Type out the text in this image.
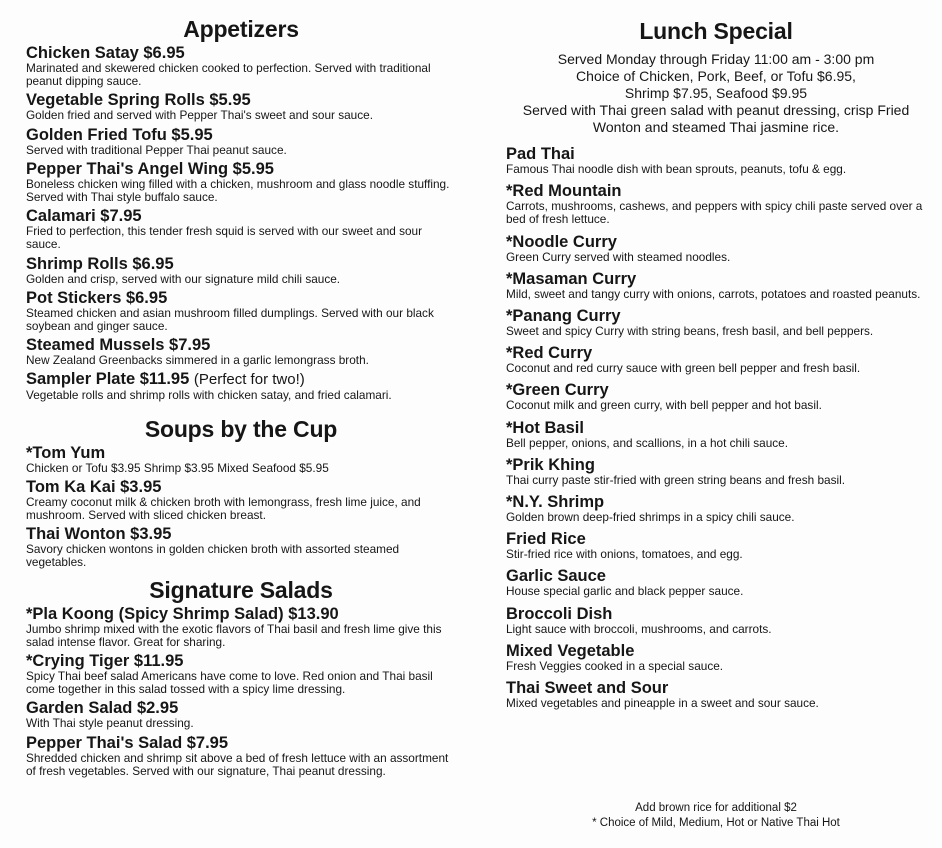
Appetizers
Chicken Satay $6.95
Marinated and skewered chicken cooked to perfection. Served with traditional peanut dipping sauce.
Vegetable Spring Rolls $5.95
Golden fried and served with Pepper Thai's sweet and sour sauce.
Golden Fried Tofu $5.95
Served with traditional Pepper Thai peanut sauce.
Pepper Thai's Angel Wing $5.95
Boneless chicken wing filled with a chicken, mushroom and glass noodle stuffing. Served with Thai style buffalo sauce.
Calamari $7.95
Fried to perfection, this tender fresh squid is served with our sweet and sour sauce.
Shrimp Rolls $6.95
Golden and crisp, served with our signature mild chili sauce.
Pot Stickers $6.95
Steamed chicken and asian mushroom filled dumplings. Served with our black soybean and ginger sauce.
Steamed Mussels $7.95
New Zealand Greenbacks simmered in a garlic lemongrass broth.
Sampler Plate $11.95 (Perfect for two!)
Vegetable rolls and shrimp rolls with chicken satay, and fried calamari.
Soups by the Cup
*Tom Yum
Chicken or Tofu $3.95 Shrimp $3.95 Mixed Seafood $5.95
Tom Ka Kai $3.95
Creamy coconut milk & chicken broth with lemongrass, fresh lime juice, and mushroom. Served with sliced chicken breast.
Thai Wonton $3.95
Savory chicken wontons in golden chicken broth with assorted steamed vegetables.
Signature Salads
*Pla Koong (Spicy Shrimp Salad) $13.90
Jumbo shrimp mixed with the exotic flavors of Thai basil and fresh lime give this salad intense flavor. Great for sharing.
*Crying Tiger $11.95
Spicy Thai beef salad Americans have come to love. Red onion and Thai basil come together in this salad tossed with a spicy lime dressing.
Garden Salad $2.95
With Thai style peanut dressing.
Pepper Thai's Salad $7.95
Shredded chicken and shrimp sit above a bed of fresh lettuce with an assortment of fresh vegetables. Served with our signature, Thai peanut dressing.
Lunch Special
Served Monday through Friday 11:00 am - 3:00 pm
Choice of Chicken, Pork, Beef, or Tofu $6.95,
Shrimp $7.95, Seafood $9.95
Served with Thai green salad with peanut dressing, crisp Fried Wonton and steamed Thai jasmine rice.
Pad Thai
Famous Thai noodle dish with bean sprouts, peanuts, tofu & egg.
*Red Mountain
Carrots, mushrooms, cashews, and peppers with spicy chili paste served over a bed of fresh lettuce.
*Noodle Curry
Green Curry served with steamed noodles.
*Masaman Curry
Mild, sweet and tangy curry with onions, carrots, potatoes and roasted peanuts.
*Panang Curry
Sweet and spicy Curry with string beans, fresh basil, and bell peppers.
*Red Curry
Coconut and red curry sauce with green bell pepper and fresh basil.
*Green Curry
Coconut milk and green curry, with bell pepper and hot basil.
*Hot Basil
Bell pepper, onions, and scallions, in a hot chili sauce.
*Prik Khing
Thai curry paste stir-fried with green string beans and fresh basil.
*N.Y. Shrimp
Golden brown deep-fried shrimps in a spicy chili sauce.
Fried Rice
Stir-fried rice with onions, tomatoes, and egg.
Garlic Sauce
House special garlic and black pepper sauce.
Broccoli Dish
Light sauce with broccoli, mushrooms, and carrots.
Mixed Vegetable
Fresh Veggies cooked in a special sauce.
Thai Sweet and Sour
Mixed vegetables and pineapple in a sweet and sour sauce.
Add brown rice for additional $2
* Choice of Mild, Medium, Hot or Native Thai Hot
